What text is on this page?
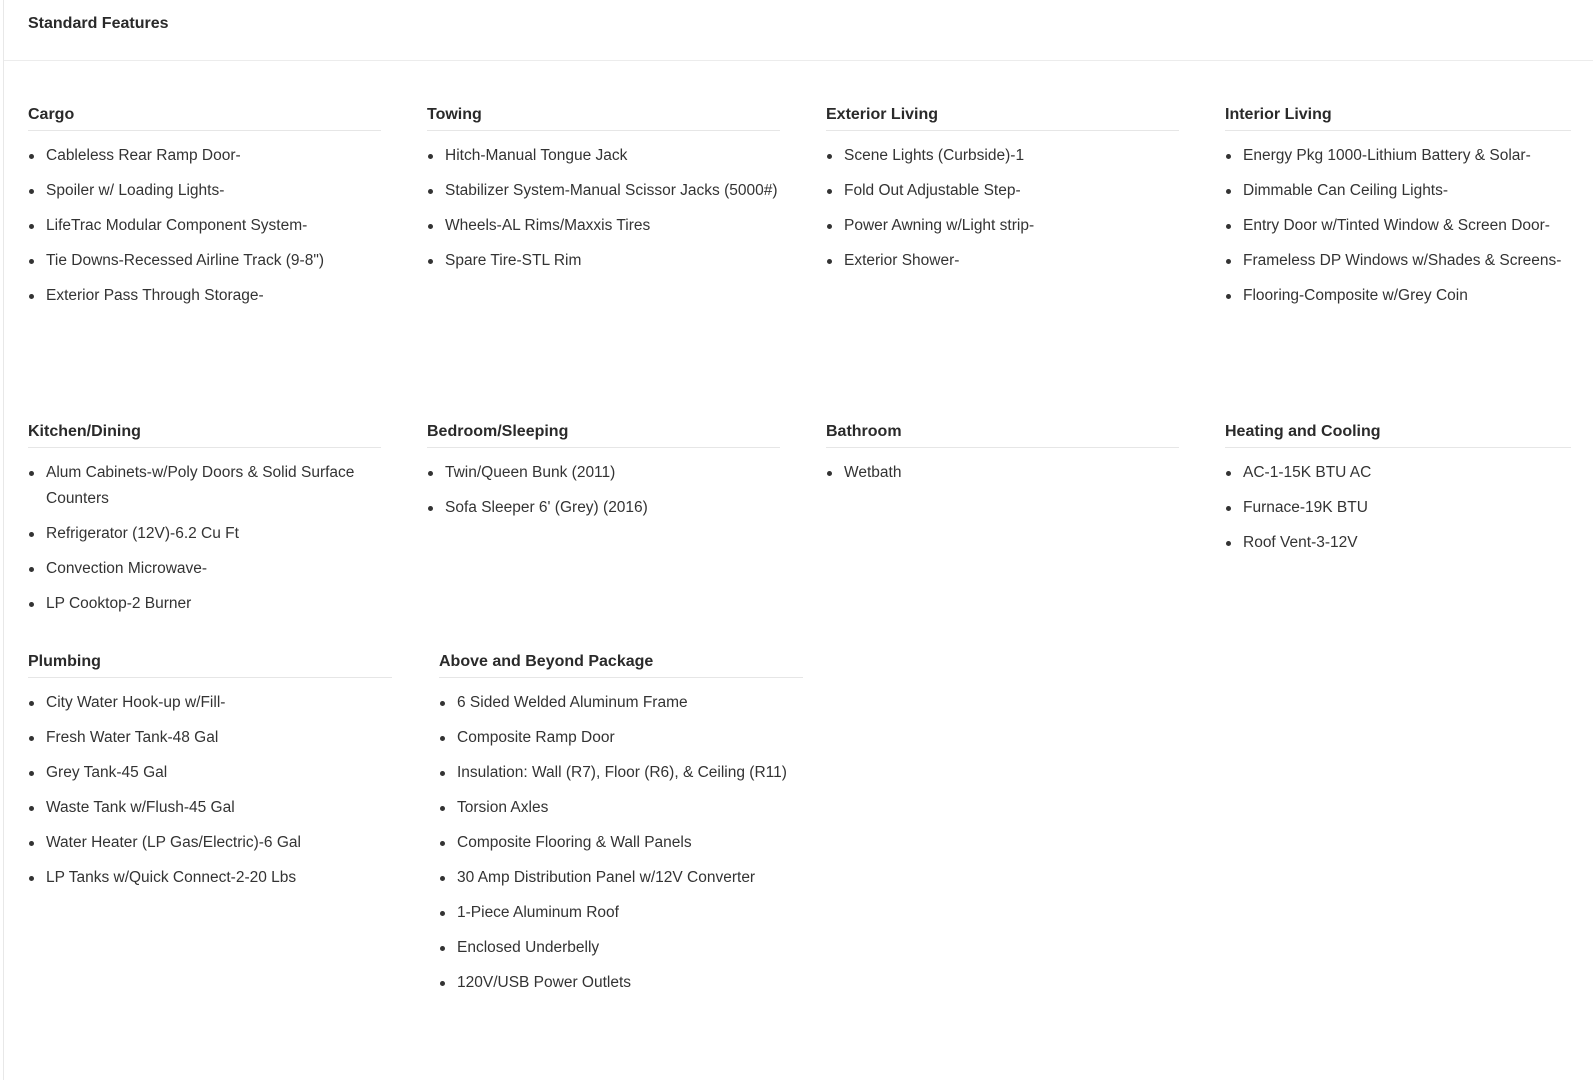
Standard Features
Cargo
Cableless Rear Ramp Door-
Spoiler w/ Loading Lights-
LifeTrac Modular Component System-
Tie Downs-Recessed Airline Track (9-8")
Exterior Pass Through Storage-
Towing
Hitch-Manual Tongue Jack
Stabilizer System-Manual Scissor Jacks (5000#)
Wheels-AL Rims/Maxxis Tires
Spare Tire-STL Rim
Exterior Living
Scene Lights (Curbside)-1
Fold Out Adjustable Step-
Power Awning w/Light strip-
Exterior Shower-
Interior Living
Energy Pkg 1000-Lithium Battery & Solar-
Dimmable Can Ceiling Lights-
Entry Door w/Tinted Window & Screen Door-
Frameless DP Windows w/Shades & Screens-
Flooring-Composite w/Grey Coin
Kitchen/Dining
Alum Cabinets-w/Poly Doors & Solid Surface Counters
Refrigerator (12V)-6.2 Cu Ft
Convection Microwave-
LP Cooktop-2 Burner
Bedroom/Sleeping
Twin/Queen Bunk (2011)
Sofa Sleeper 6' (Grey) (2016)
Bathroom
Wetbath
Heating and Cooling
AC-1-15K BTU AC
Furnace-19K BTU
Roof Vent-3-12V
Plumbing
City Water Hook-up w/Fill-
Fresh Water Tank-48 Gal
Grey Tank-45 Gal
Waste Tank w/Flush-45 Gal
Water Heater (LP Gas/Electric)-6 Gal
LP Tanks w/Quick Connect-2-20 Lbs
Above and Beyond Package
6 Sided Welded Aluminum Frame
Composite Ramp Door
Insulation: Wall (R7), Floor (R6), & Ceiling (R11)
Torsion Axles
Composite Flooring & Wall Panels
30 Amp Distribution Panel w/12V Converter
1-Piece Aluminum Roof
Enclosed Underbelly
120V/USB Power Outlets
